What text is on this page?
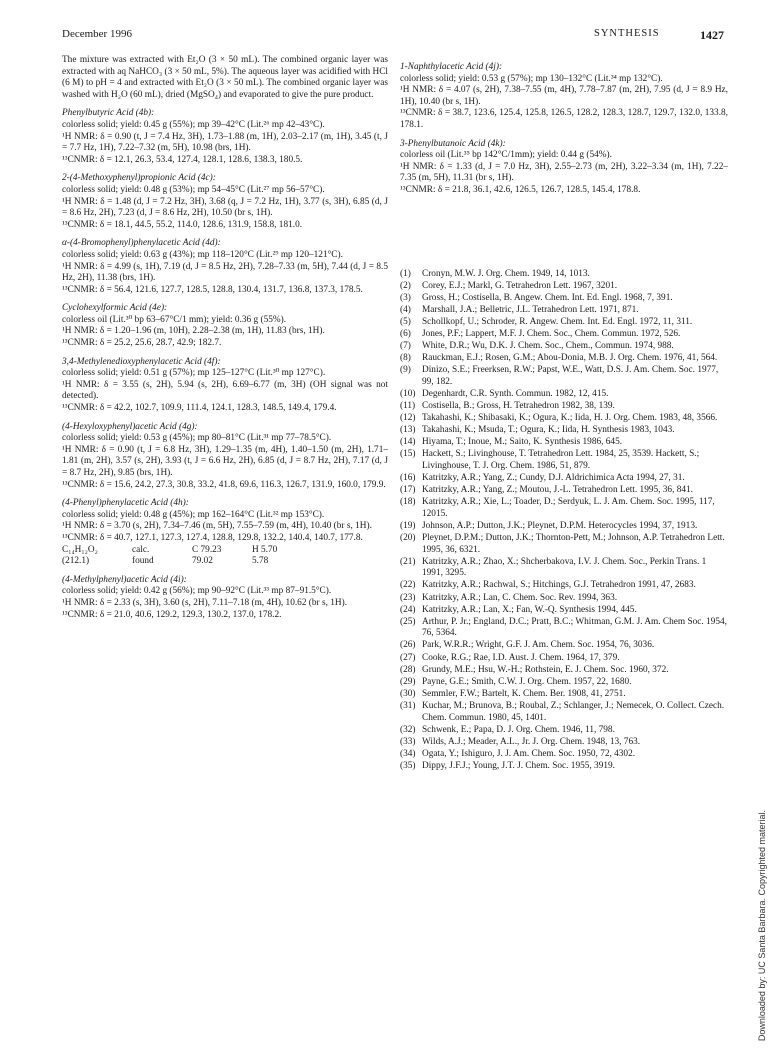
December 1996	SYNTHESIS	1427

The mixture was extracted with Et₂O (3 × 50 mL). The combined organic layer was extracted with aq NaHCO₃ (3 × 50 mL, 5%). The aqueous layer was acidified with HCl (6 M) to pH = 4 and extracted with Et₂O (3 × 50 mL). The combined organic layer was washed with H₂O (60 mL), dried (MgSO₄) and evaporated to give the pure product.

Phenylbutyric Acid (4b):

colorless solid; yield: 0.45 g (55%); mp 39–42°C (Lit.²⁶ mp 42–43°C).

¹H NMR: δ = 0.90 (t, J = 7.4 Hz, 3H), 1.73–1.88 (m, 1H), 2.03–2.17 (m, 1H), 3.45 (t, J = 7.7 Hz, 1H), 7.22–7.32 (m, 5H), 10.98 (brs, 1H).

¹³CNMR: δ = 12.1, 26.3, 53.4, 127.4, 128.1, 128.6, 138.3, 180.5.

2-(4-Methoxyphenyl)propionic Acid (4c):

colorless solid; yield: 0.48 g (53%); mp 54–45°C (Lit.²⁷ mp 56–57°C).

¹H NMR: δ = 1.48 (d, J = 7.2 Hz, 3H), 3.68 (q, J = 7.2 Hz, 1H), 3.77 (s, 3H), 6.85 (d, J = 8.6 Hz, 2H), 7.23 (d, J = 8.6 Hz, 2H), 10.50 (br s, 1H).

¹³CNMR: δ = 18.1, 44.5, 55.2, 114.0, 128.6, 131.9, 158.8, 181.0.

α-(4-Bromophenyl)phenylacetic Acid (4d):

colorless solid; yield: 0.63 g (43%); mp 118–120°C (Lit.²⁹ mp 120–121°C).

¹H NMR: δ = 4.99 (s, 1H), 7.19 (d, J = 8.5 Hz, 2H), 7.28–7.33 (m, 5H), 7.44 (d, J = 8.5 Hz, 2H), 11.38 (brs, 1H).

¹³CNMR: δ = 56.4, 121.6, 127.7, 128.5, 128.8, 130.4, 131.7, 136.8, 137.3, 178.5.

Cyclohexylformic Acid (4e):

colorless oil (Lit.³⁰ bp 63–67°C/1 mm); yield: 0.36 g (55%).

¹H NMR: δ = 1.20–1.96 (m, 10H), 2.28–2.38 (m, 1H), 11.83 (brs, 1H).

¹³CNMR: δ = 25.2, 25.6, 28.7, 42.9; 182.7.

3,4-Methylenedioxyphenylacetic Acid (4f):

colorless solid; yield: 0.51 g (57%); mp 125–127°C (Lit.³⁰ mp 127°C).

¹H NMR: δ = 3.55 (s, 2H), 5.94 (s, 2H), 6.69–6.77 (m, 3H) (OH signal was not detected).

¹³CNMR: δ = 42.2, 102.7, 109.9, 111.4, 124.1, 128.3, 148.5, 149.4, 179.4.

(4-Hexyloxyphenyl)acetic Acid (4g):

colorless solid; yield: 0.53 g (45%); mp 80–81°C (Lit.³¹ mp 77–78.5°C).

¹H NMR: δ = 0.90 (t, J = 6.8 Hz, 3H), 1.29–1.35 (m, 4H), 1.40–1.50 (m, 2H), 1.71–1.81 (m, 2H), 3.57 (s, 2H), 3.93 (t, J = 6.6 Hz, 2H), 6.85 (d, J = 8.7 Hz, 2H), 7.17 (d, J = 8.7 Hz, 2H), 9.85 (brs, 1H).

¹³CNMR: δ = 15.6, 24.2, 27.3, 30.8, 33.2, 41.8, 69.6, 116.3, 126.7, 131.9, 160.0, 179.9.

(4-Phenyl)phenylacetic Acid (4h):

colorless solid; yield: 0.48 g (45%); mp 162–164°C (Lit.³² mp 153°C).

¹H NMR: δ = 3.70 (s, 2H), 7.34–7.46 (m, 5H), 7.55–7.59 (m, 4H), 10.40 (br s, 1H).

¹³CNMR: δ = 40.7, 127.1, 127.3, 127.4, 128.8, 129.8, 132.2, 140.4, 140.7, 177.8.

C₁₄H₁₂O₂	calc.	C 79.23	H 5.70
(212.1)	found	79.02	5.78

(4-Methylphenyl)acetic Acid (4i):

colorless solid; yield: 0.42 g (56%); mp 90–92°C (Lit.³³ mp 87–91.5°C).

¹H NMR: δ = 2.33 (s, 3H), 3.60 (s, 2H), 7.11–7.18 (m, 4H), 10.62 (br s, 1H).

¹³CNMR: δ = 21.0, 40.6, 129.2, 129.3, 130.2, 137.0, 178.2.

1-Naphthylacetic Acid (4j):

colorless solid; yield: 0.53 g (57%); mp 130–132°C (Lit.³⁴ mp 132°C).

¹H NMR: δ = 4.07 (s, 2H), 7.38–7.55 (m, 4H), 7.78–7.87 (m, 2H), 7.95 (d, J = 8.9 Hz, 1H), 10.40 (br s, 1H).

¹³CNMR: δ = 38.7, 123.6, 125.4, 125.8, 126.5, 128.2, 128.3, 128.7, 129.7, 132.0, 133.8, 178.1.

3-Phenylbutanoic Acid (4k):

colorless oil (Lit.³⁵ bp 142°C/1mm); yield: 0.44 g (54%).

¹H NMR: δ = 1.33 (d, J = 7.0 Hz, 3H), 2.55–2.73 (m, 2H), 3.22–3.34 (m, 1H), 7.22–7.35 (m, 5H), 11.31 (br s, 1H).

¹³CNMR: δ = 21.8, 36.1, 42.6, 126.5, 126.7, 128.5, 145.4, 178.8.

(1)	Cronyn, M.W. J. Org. Chem. 1949, 14, 1013.
(2)	Corey, E.J.; Markl, G. Tetrahedron Lett. 1967, 3201.
(3)	Gross, H.; Costisella, B. Angew. Chem. Int. Ed. Engl. 1968, 7, 391.
(4)	Marshall, J.A.; Belletric, J.L. Tetrahedron Lett. 1971, 871.
(5)	Schollkopf, U.; Schroder, R. Angew. Chem. Int. Ed. Engl. 1972, 11, 311.
(6)	Jones, P.F.; Lappert, M.F. J. Chem. Soc., Chem. Commun. 1972, 526.
(7)	White, D.R.; Wu, D.K. J. Chem. Soc., Chem., Commun. 1974, 988.
(8)	Rauckman, E.J.; Rosen, G.M.; Abou-Donia, M.B. J. Org. Chem. 1976, 41, 564.
(9)	Dinizo, S.E.; Freerksen, R.W.; Papst, W.E., Watt, D.S. J. Am. Chem. Soc. 1977, 99, 182.
(10) Degenhardt, C.R. Synth. Commun. 1982, 12, 415.
(11) Costisella, B.; Gross, H. Tetrahedron 1982, 38, 139.
(12) Takahashi, K.; Shibasaki, K.; Ogura, K.; Iida, H. J. Org. Chem. 1983, 48, 3566.
(13) Takahashi, K.; Msuda, T.; Ogura, K.; Iida, H. Synthesis 1983, 1043.
(14) Hiyama, T.; Inoue, M.; Saito, K. Synthesis 1986, 645.
(15) Hackett, S.; Livinghouse, T. Tetrahedron Lett. 1984, 25, 3539. Hackett, S.; Livinghouse, T. J. Org. Chem. 1986, 51, 879.
(16) Katritzky, A.R.; Yang, Z.; Cundy, D.J. Aldrichimica Acta 1994, 27, 31.
(17) Katritzky, A.R.; Yang, Z.; Moutou, J.-L. Tetrahedron Lett. 1995, 36, 841.
(18) Katritzky, A.R.; Xie, L.; Toader, D.; Serdyuk, L. J. Am. Chem. Soc. 1995, 117, 12015.
(19) Johnson, A.P.; Dutton, J.K.; Pleynet, D.P.M. Heterocycles 1994, 37, 1913.
(20) Pleynet, D.P.M.; Dutton, J.K.; Thornton-Pett, M.; Johnson, A.P. Tetrahedron Lett. 1995, 36, 6321.
(21) Katritzky, A.R.; Zhao, X.; Shcherbakova, I.V. J. Chem. Soc., Perkin Trans. 1 1991, 3295.
(22) Katritzky, A.R.; Rachwal, S.; Hitchings, G.J. Tetrahedron 1991, 47, 2683.
(23) Katritzky, A.R.; Lan, C. Chem. Soc. Rev. 1994, 363.
(24) Katritzky, A.R.; Lan, X.; Fan, W.-Q. Synthesis 1994, 445.
(25) Arthur, P. Jr.; England, D.C.; Pratt, B.C.; Whitman, G.M. J. Am. Chem Soc. 1954, 76, 5364.
(26) Park, W.R.R.; Wright, G.F. J. Am. Chem. Soc. 1954, 76, 3036.
(27) Cooke, R.G.; Rae, I.D. Aust. J. Chem. 1964, 17, 379.
(28) Grundy, M.E.; Hsu, W.-H.; Rothstein, E. J. Chem. Soc. 1960, 372.
(29) Payne, G.E.; Smith, C.W. J. Org. Chem. 1957, 22, 1680.
(30) Semmler, F.W.; Bartelt, K. Chem. Ber. 1908, 41, 2751.
(31) Kuchar, M.; Brunova, B.; Roubal, Z.; Schlanger, J.; Nemecek, O. Collect. Czech. Chem. Commun. 1980, 45, 1401.
(32) Schwenk, E.; Papa, D. J. Org. Chem. 1946, 11, 798.
(33) Wilds, A.J.; Meader, A.L., Jr. J. Org. Chem. 1948, 13, 763.
(34) Ogata, Y.; Ishiguro, J. J. Am. Chem. Soc. 1950, 72, 4302.
(35) Dippy, J.F.J.; Young, J.T. J. Chem. Soc. 1955, 3919.
Downloaded by: UC Santa Barbara. Copyrighted material.
